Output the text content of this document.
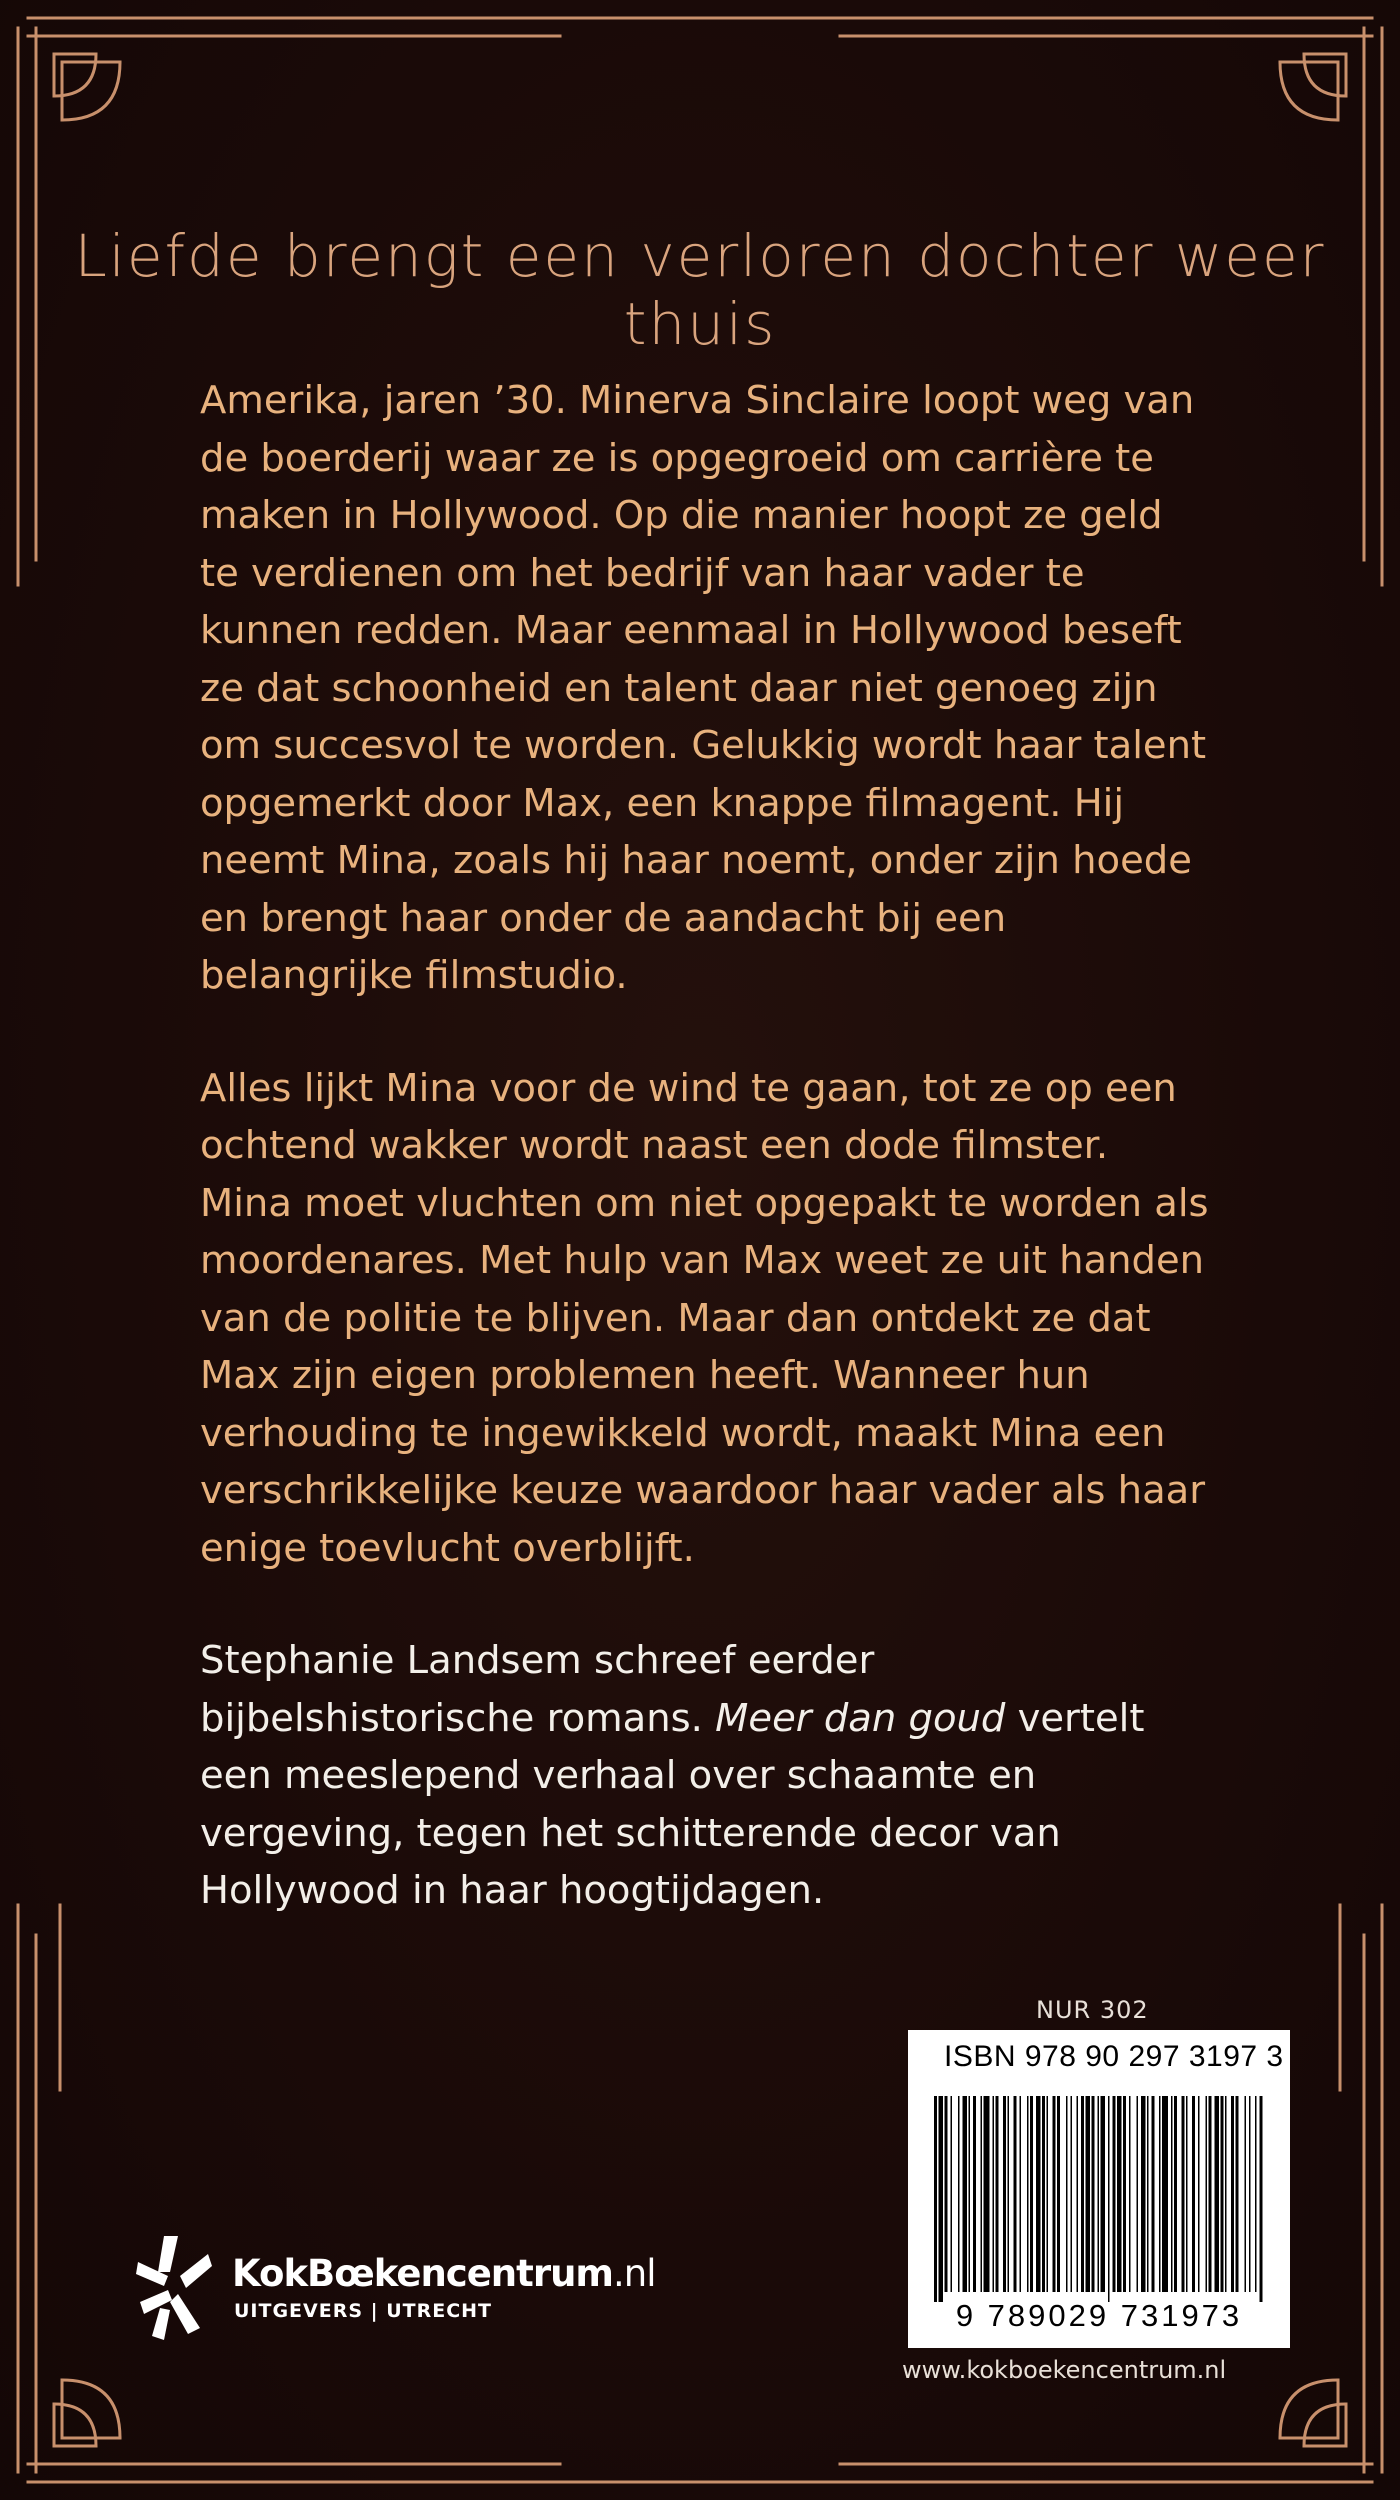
Liefde brengt een verloren dochter weer thuis

Amerika, jaren ’30. Minerva Sinclaire loopt weg van de boerderij waar ze is opgegroeid om carrière te maken in Hollywood. Op die manier hoopt ze geld te verdienen om het bedrijf van haar vader te kunnen redden. Maar eenmaal in Hollywood beseft ze dat schoonheid en talent daar niet genoeg zijn om succesvol te worden. Gelukkig wordt haar talent opgemerkt door Max, een knappe filmagent. Hij neemt Mina, zoals hij haar noemt, onder zijn hoede en brengt haar onder de aandacht bij een belangrijke filmstudio.

Alles lijkt Mina voor de wind te gaan, tot ze op een ochtend wakker wordt naast een dode filmster. Mina moet vluchten om niet opgepakt te worden als moordenares. Met hulp van Max weet ze uit handen van de politie te blijven. Maar dan ontdekt ze dat Max zijn eigen problemen heeft. Wanneer hun verhouding te ingewikkeld wordt, maakt Mina een verschrikkelijke keuze waardoor haar vader als haar enige toevlucht overblijft.

Stephanie Landsem schreef eerder bijbelshistorische romans. Meer dan goud vertelt een meeslepend verhaal over schaamte en vergeving, tegen het schitterende decor van Hollywood in haar hoogtijdagen.

NUR 302
ISBN 978 90 297 3197 3
9 789029 731973
www.kokboekencentrum.nl
KokBœkencentrum.nl
UITGEVERS | UTRECHT
